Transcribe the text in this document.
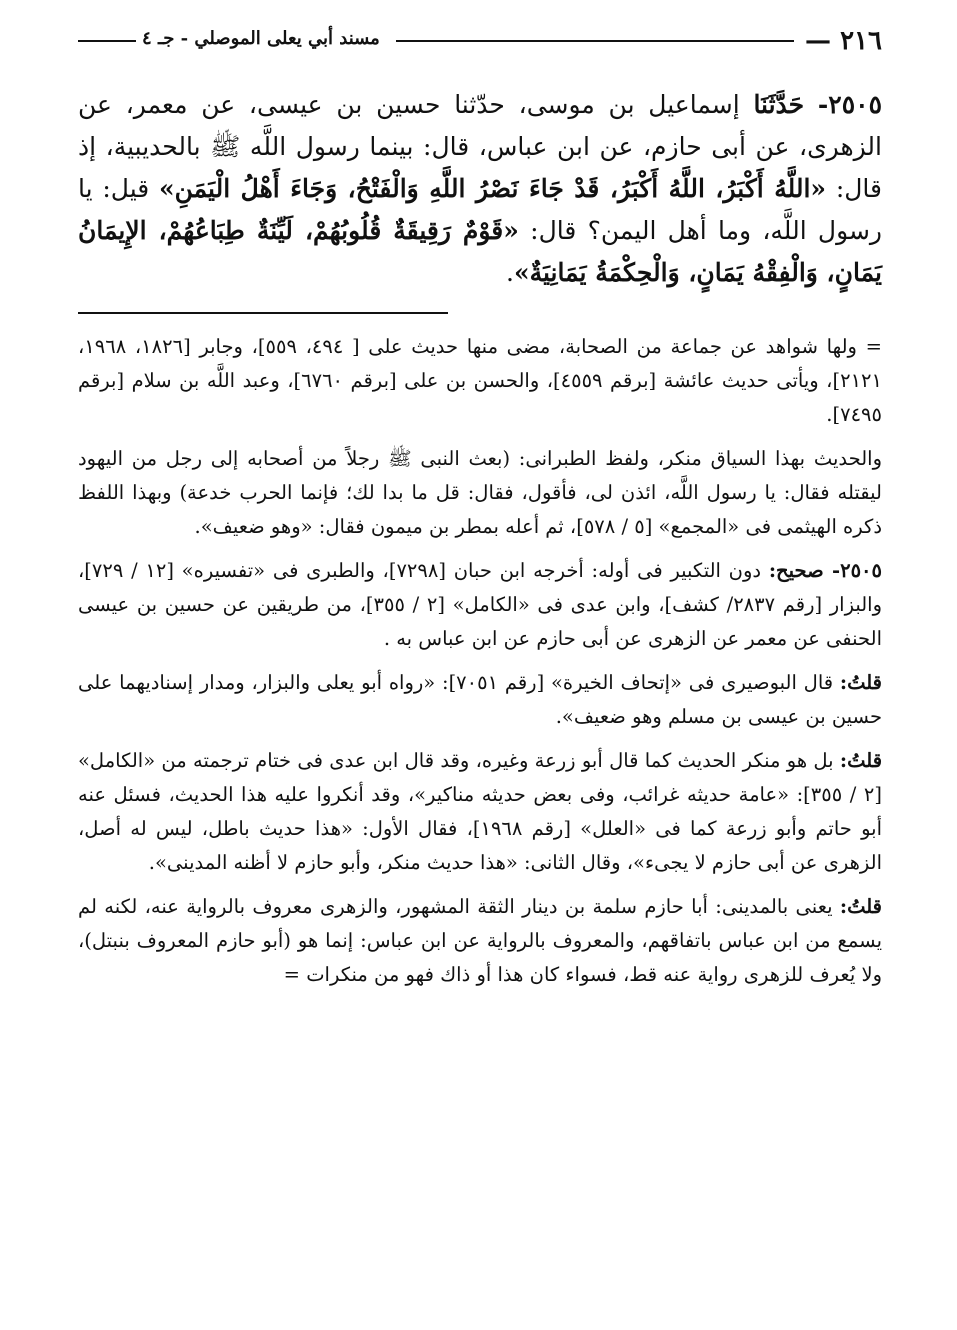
٢١٦ —
مسند أبي يعلى الموصلي - جـ ٤
٢٥٠٥- حَدَّثَنَا إسماعيل بن موسى، حدّثنا حسين بن عيسى، عن معمر، عن الزهرى، عن أبى حازم، عن ابن عباس، قال: بينما رسول اللَّه ﷺ بالحديبية، إذ قال: «اللَّهُ أَكْبَرُ، اللَّهُ أَكْبَرُ، قَدْ جَاءَ نَصْرُ اللَّهِ وَالْفَتْحُ، وَجَاءَ أَهْلُ الْيَمَنِ» قيل: يا رسول اللَّه، وما أهل اليمن؟ قال: «قَوْمٌ رَقِيقَةٌ قُلُوبُهُمْ، لَيِّنَةٌ طِبَاعُهُمْ، الإِيمَانُ يَمَانٍ، وَالْفِقْهُ يَمَانٍ، وَالْحِكْمَةُ يَمَانِيَةٌ».

= ولها شواهد عن جماعة من الصحابة، مضى منها حديث على [ ٤٩٤، ٥٥٩]، وجابر [١٨٢٦، ١٩٦٨، ٢١٢١]، ويأتى حديث عائشة [برقم ٤٥٥٩]، والحسن بن على [برقم ٦٧٦٠]، وعبد اللَّه بن سلام [برقم ٧٤٩٥].

والحديث بهذا السياق منكر، ولفظ الطبرانى: (بعث النبى ﷺ رجلاً من أصحابه إلى رجل من اليهود ليقتله فقال: يا رسول اللَّه، ائذن لى، فأقول، فقال: قل ما بدا لك؛ فإنما الحرب خدعة) وبهذا اللفظ ذكره الهيثمى فى «المجمع» [٥ / ٥٧٨]، ثم أعله بمطر بن ميمون فقال: «وهو ضعيف».

٢٥٠٥- صحيح: دون التكبير فى أوله: أخرجه ابن حبان [٧٢٩٨]، والطبرى فى «تفسيره» [١٢ / ٧٢٩]، والبزار [رقم ٢٨٣٧/ كشف]، وابن عدى فى «الكامل» [٢ / ٣٥٥]، من طريقين عن حسين بن عيسى الحنفى عن معمر عن الزهرى عن أبى حازم عن ابن عباس به .

قلتُ: قال البوصيرى فى «إتحاف الخيرة» [رقم ٧٠٥١]: «رواه أبو يعلى والبزار، ومدار إسناديهما على حسين بن عيسى بن مسلم وهو ضعيف».

قلتُ: بل هو منكر الحديث كما قال أبو زرعة وغيره، وقد قال ابن عدى فى ختام ترجمته من «الكامل» [٢ / ٣٥٥]: «عامة حديثه غرائب، وفى بعض حديثه مناكير»، وقد أنكروا عليه هذا الحديث، فسئل عنه أبو حاتم وأبو زرعة كما فى «العلل» [رقم ١٩٦٨]، فقال الأول: «هذا حديث باطل، ليس له أصل، الزهرى عن أبى حازم لا يجىء»، وقال الثانى: «هذا حديث منكر، وأبو حازم لا أظنه المدينى».

قلتُ: يعنى بالمدينى: أبا حازم سلمة بن دينار الثقة المشهور، والزهرى معروف بالرواية عنه، لكنه لم يسمع من ابن عباس باتفاقهم، والمعروف بالرواية عن ابن عباس: إنما هو (أبو حازم المعروف بنبتل)، ولا يُعرف للزهرى رواية عنه قط، فسواء كان هذا أو ذاك فهو من منكرات =
